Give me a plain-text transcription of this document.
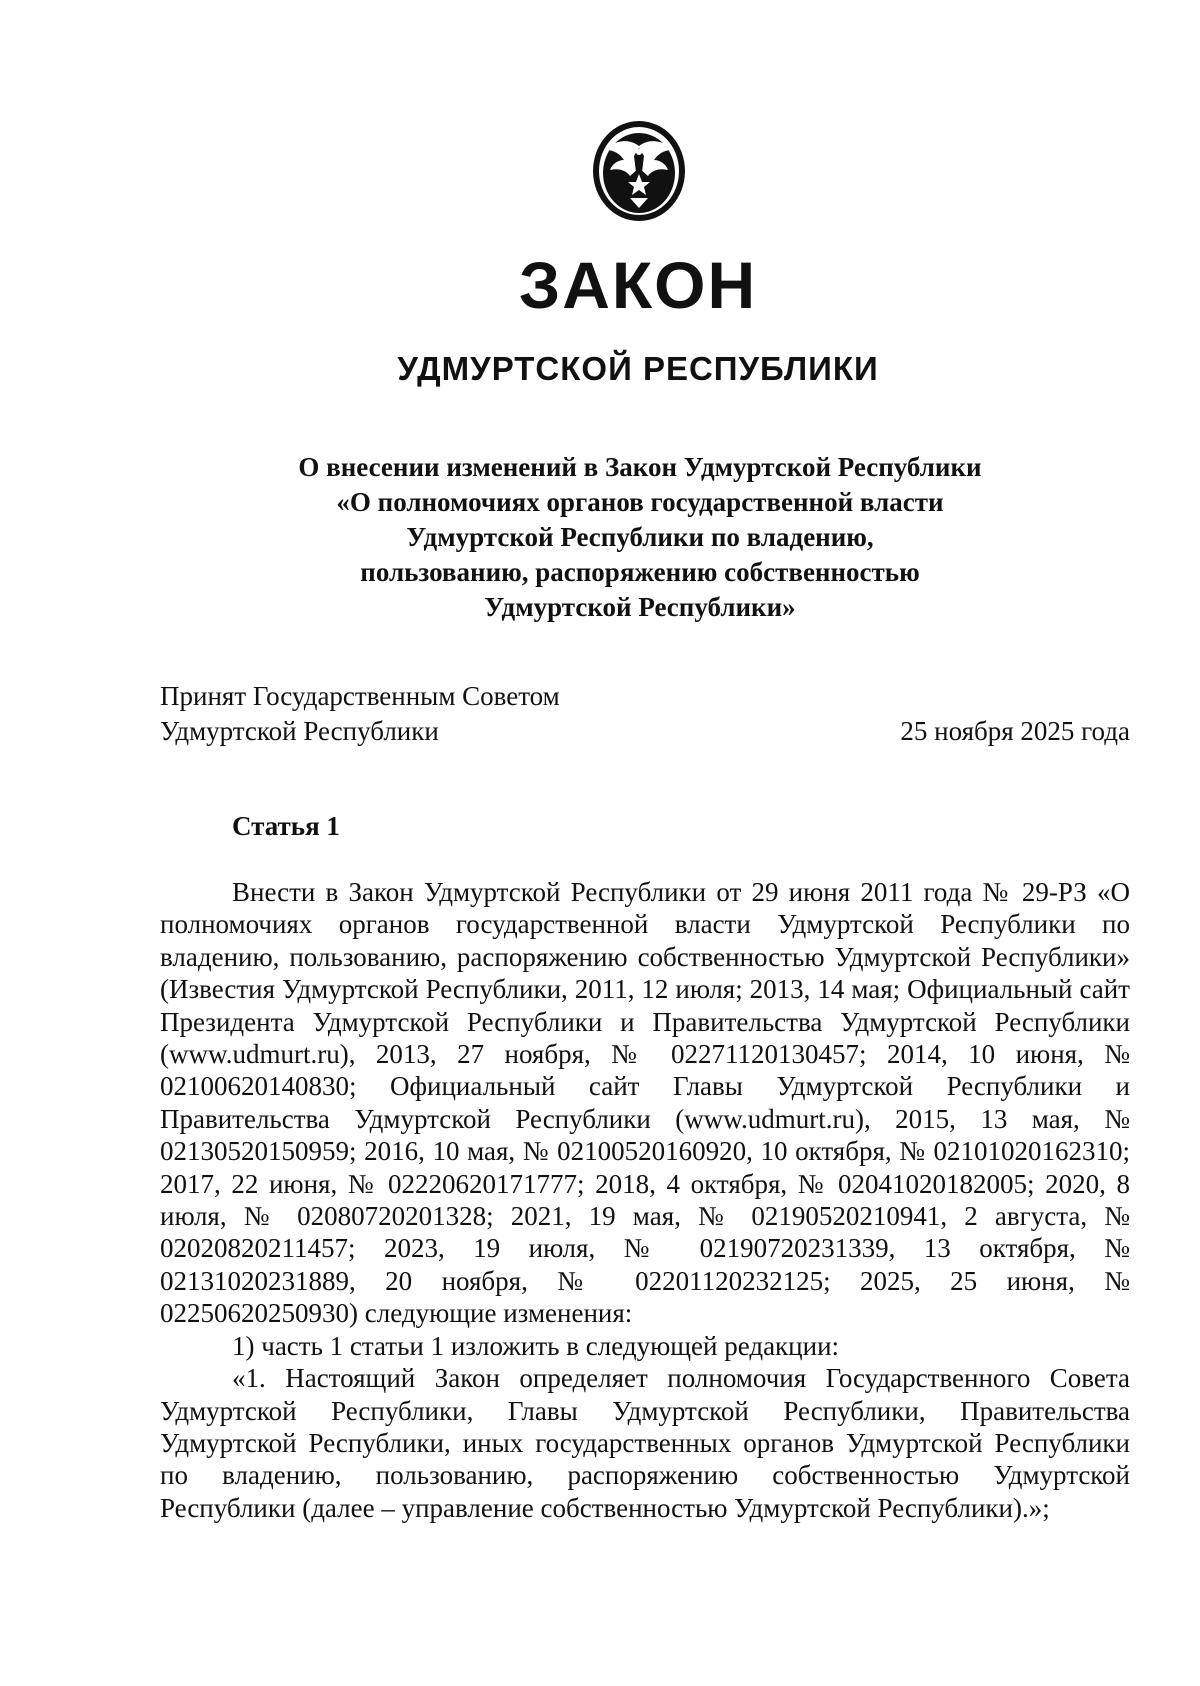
ЗАКОН
УДМУРТСКОЙ РЕСПУБЛИКИ
О внесении изменений в Закон Удмуртской Республики
«О полномочиях органов государственной власти
Удмуртской Республики по владению,
пользованию, распоряжению собственностью
Удмуртской Республики»
Принят Государственным Советом
Удмуртской Республики	25 ноября 2025 года
Статья 1

Внести в Закон Удмуртской Республики от 29 июня 2011 года № 29-РЗ «О полномочиях органов государственной власти Удмуртской Республики по владению, пользованию, распоряжению собственностью Удмуртской Республики» (Известия Удмуртской Республики, 2011, 12 июля; 2013, 14 мая; Официальный сайт Президента Удмуртской Республики и Правительства Удмуртской Республики (www.udmurt.ru), 2013, 27 ноября, № 02271120130457; 2014, 10 июня, № 02100620140830; Официальный сайт Главы Удмуртской Республики и Правительства Удмуртской Республики (www.udmurt.ru), 2015, 13 мая, № 02130520150959; 2016, 10 мая, № 02100520160920, 10 октября, № 02101020162310; 2017, 22 июня, № 02220620171777; 2018, 4 октября, № 02041020182005; 2020, 8 июля, № 02080720201328; 2021, 19 мая, № 02190520210941, 2 августа, № 02020820211457; 2023, 19 июля, № 02190720231339, 13 октября, № 02131020231889, 20 ноября, № 02201120232125; 2025, 25 июня, № 02250620250930) следующие изменения:

1) часть 1 статьи 1 изложить в следующей редакции:

«1. Настоящий Закон определяет полномочия Государственного Совета Удмуртской Республики, Главы Удмуртской Республики, Правительства Удмуртской Республики, иных государственных органов Удмуртской Республики по владению, пользованию, распоряжению собственностью Удмуртской Республики (далее – управление собственностью Удмуртской Республики).»;
